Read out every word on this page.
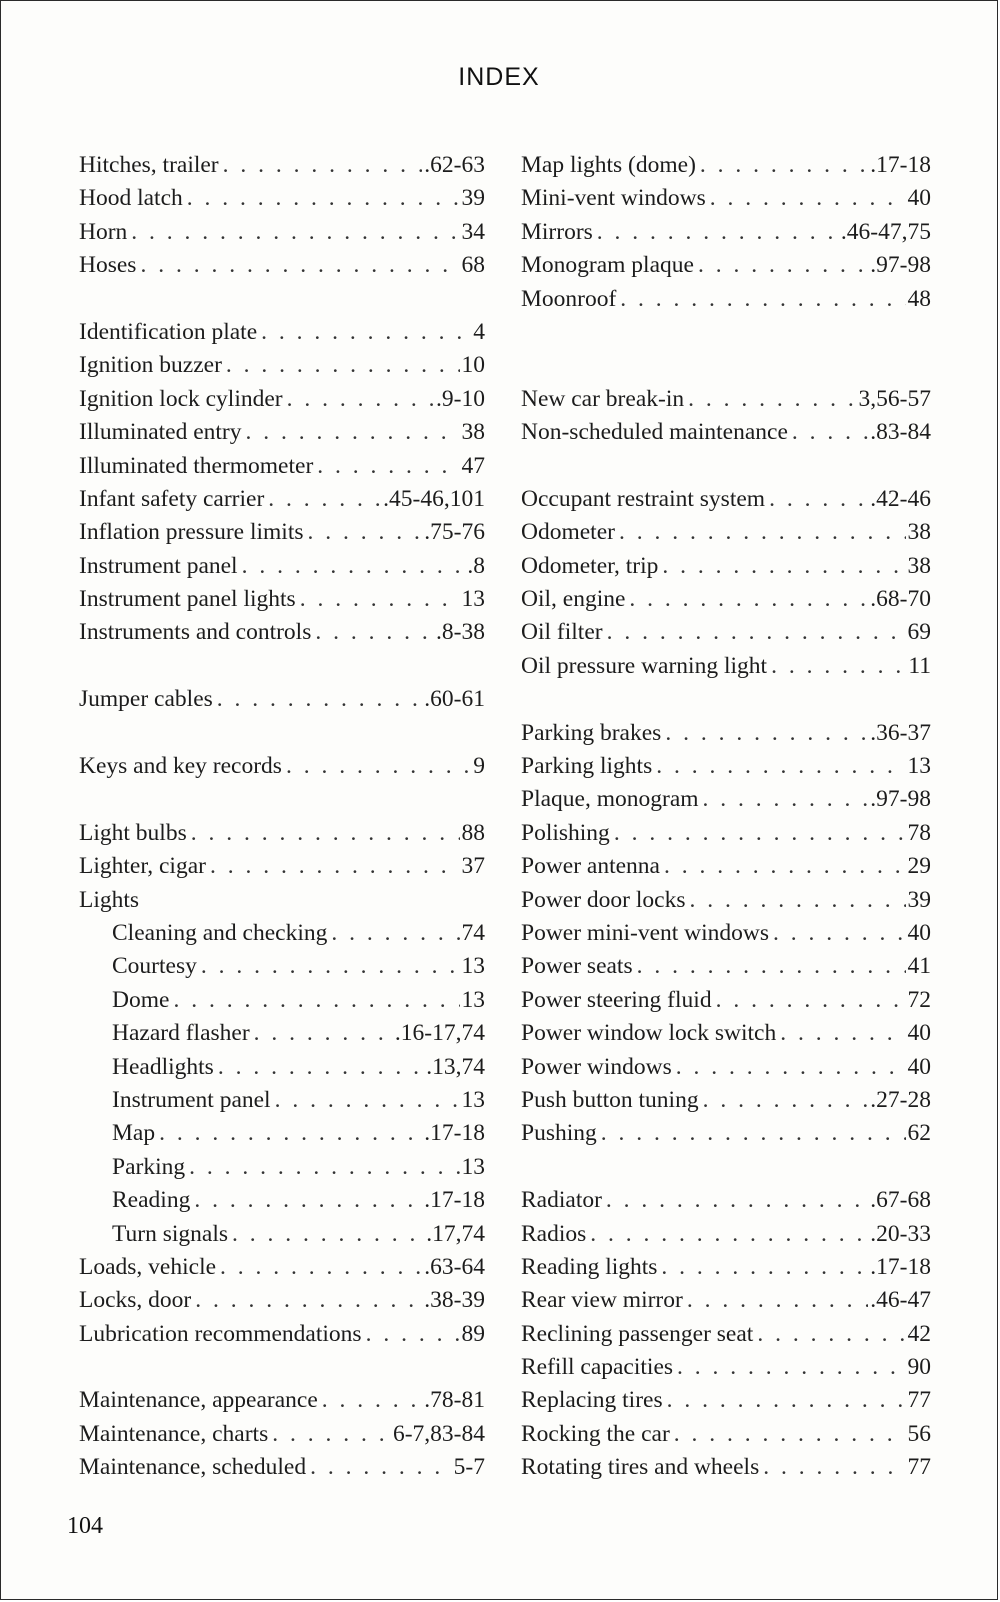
INDEX
Hitches, trailer . . .	.62-63
Hood latch . . .	39
Horn . . .	34
Hoses . . .	68
Identification plate . . .	4
Ignition buzzer . . .	10
Ignition lock cylinder . . .	.9-10
Illuminated entry . . .	38
Illuminated thermometer . . .	47
Infant safety carrier . . .	.45-46,101
Inflation pressure limits . . .	.75-76
Instrument panel . . .	.8
Instrument panel lights . . .	13
Instruments and controls . . .	.8-38
Jumper cables . . .	.60-61
Keys and key records . . .	9
Light bulbs . . .	88
Lighter, cigar . . .	37
Lights
Cleaning and checking . . .	74
Courtesy . . .	13
Dome . . .	13
Hazard flasher . . .	.16-17,74
Headlights . . .	.13,74
Instrument panel . . .	13
Map . . .	.17-18
Parking . . .	13
Reading . . .	.17-18
Turn signals . . .	.17,74
Loads, vehicle . . .	.63-64
Locks, door . . .	.38-39
Lubrication recommendations . . .	89
Maintenance, appearance . . .	.78-81
Maintenance, charts . . .	6-7,83-84
Maintenance, scheduled . . .	5-7
Map lights (dome) . . .	.17-18
Mini-vent windows . . .	40
Mirrors . . .	.46-47,75
Monogram plaque . . .	.97-98
Moonroof . . .	48
New car break-in . . .	3,56-57
Non-scheduled maintenance . . .	.83-84
Occupant restraint system . . .	.42-46
Odometer . . .	38
Odometer, trip . . .	38
Oil, engine . . .	.68-70
Oil filter . . .	69
Oil pressure warning light . . .	11
Parking brakes . . .	.36-37
Parking lights . . .	13
Plaque, monogram . . .	.97-98
Polishing . . .	78
Power antenna . . .	29
Power door locks . . .	39
Power mini-vent windows . . .	40
Power seats . . .	41
Power steering fluid . . .	72
Power window lock switch . . .	40
Power windows . . .	40
Push button tuning . . .	.27-28
Pushing . . .	62
Radiator . . .	.67-68
Radios . . .	.20-33
Reading lights . . .	.17-18
Rear view mirror . . .	.46-47
Reclining passenger seat . . .	42
Refill capacities . . .	90
Replacing tires . . .	77
Rocking the car . . .	56
Rotating tires and wheels . . .	77
104
